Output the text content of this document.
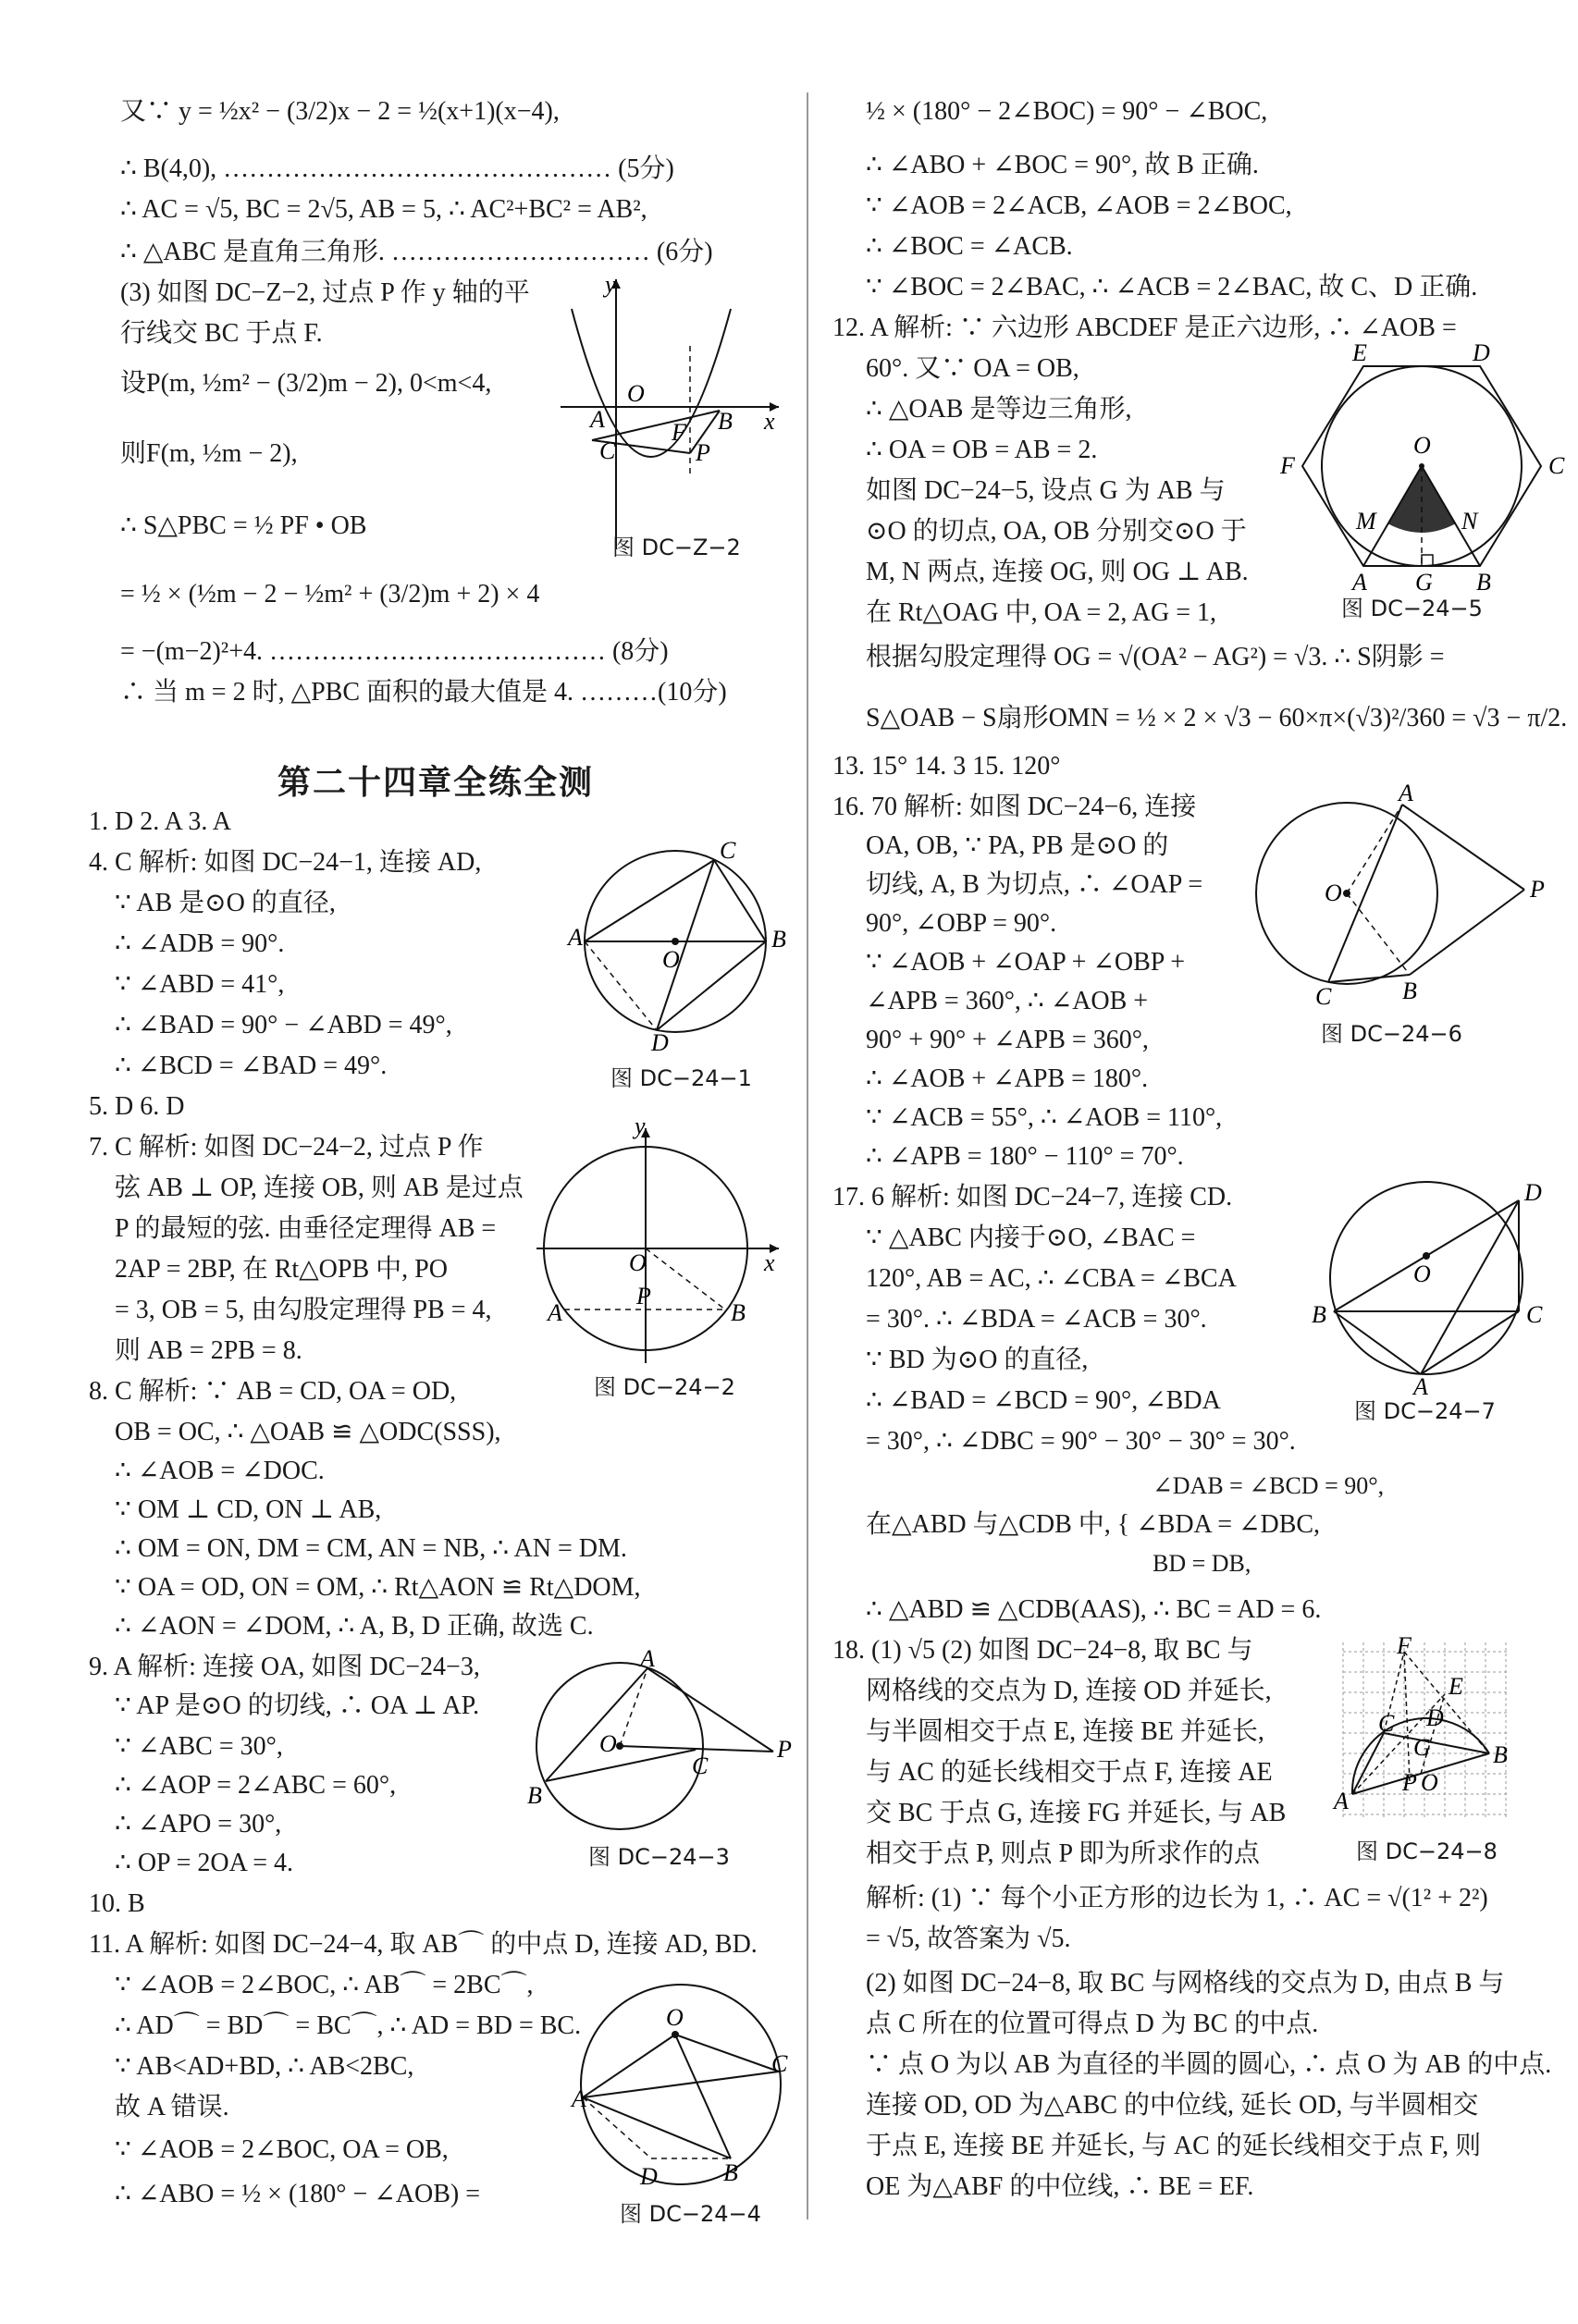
又∵ y = ½x² − (3/2)x − 2 = ½(x+1)(x−4),
∴ B(4,0), ……………………………………… (5分)
∴ AC = √5, BC = 2√5, AB = 5, ∴ AC²+BC² = AB²,
∴ △ABC 是直角三角形. ………………………… (6分)
(3) 如图 DC−Z−2, 过点 P 作 y 轴的平
行线交 BC 于点 F.
设P(m, ½m² − (3/2)m − 2), 0<m<4,
则F(m, ½m − 2),
∴ S△PBC = ½ PF • OB
= ½ × (½m − 2 − ½m² + (3/2)m + 2) × 4
= −(m−2)²+4. ………………………………… (8分)
∴ 当 m = 2 时, △PBC 面积的最大值是 4. ………(10分)
第二十四章全练全测
1. D 2. A 3. A
4. C 解析: 如图 DC−24−1, 连接 AD,
∵ AB 是⊙O 的直径,
∴ ∠ADB = 90°.
∵ ∠ABD = 41°,
∴ ∠BAD = 90° − ∠ABD = 49°,
∴ ∠BCD = ∠BAD = 49°.
5. D 6. D
7. C 解析: 如图 DC−24−2, 过点 P 作
弦 AB ⊥ OP, 连接 OB, 则 AB 是过点
P 的最短的弦. 由垂径定理得 AB =
2AP = 2BP, 在 Rt△OPB 中, PO
= 3, OB = 5, 由勾股定理得 PB = 4,
则 AB = 2PB = 8.
8. C 解析: ∵ AB = CD, OA = OD,
OB = OC, ∴ △OAB ≌ △ODC(SSS),
∴ ∠AOB = ∠DOC.
∵ OM ⊥ CD, ON ⊥ AB,
∴ OM = ON, DM = CM, AN = NB, ∴ AN = DM.
∵ OA = OD, ON = OM, ∴ Rt△AON ≌ Rt△DOM,
∴ ∠AON = ∠DOM, ∴ A, B, D 正确, 故选 C.
9. A 解析: 连接 OA, 如图 DC−24−3,
∵ AP 是⊙O 的切线, ∴ OA ⊥ AP.
∵ ∠ABC = 30°,
∴ ∠AOP = 2∠ABC = 60°,
∴ ∠APO = 30°,
∴ OP = 2OA = 4.
10. B
11. A 解析: 如图 DC−24−4, 取 AB⌒ 的中点 D, 连接 AD, BD.
∵ ∠AOB = 2∠BOC, ∴ AB⌒ = 2BC⌒,
∴ AD⌒ = BD⌒ = BC⌒, ∴ AD = BD = BC.
∵ AB<AD+BD, ∴ AB<2BC,
故 A 错误.
∵ ∠AOB = 2∠BOC, OA = OB,
∴ ∠ABO = ½ × (180° − ∠AOB) =
½ × (180° − 2∠BOC) = 90° − ∠BOC,
∴ ∠ABO + ∠BOC = 90°, 故 B 正确.
∵ ∠AOB = 2∠ACB, ∠AOB = 2∠BOC,
∴ ∠BOC = ∠ACB.
∵ ∠BOC = 2∠BAC, ∴ ∠ACB = 2∠BAC, 故 C、D 正确.
12. A 解析: ∵ 六边形 ABCDEF 是正六边形, ∴ ∠AOB =
60°. 又∵ OA = OB,
∴ △OAB 是等边三角形,
∴ OA = OB = AB = 2.
如图 DC−24−5, 设点 G 为 AB 与
⊙O 的切点, OA, OB 分别交⊙O 于
M, N 两点, 连接 OG, 则 OG ⊥ AB.
在 Rt△OAG 中, OA = 2, AG = 1,
根据勾股定理得 OG = √(OA² − AG²) = √3. ∴ S阴影 =
S△OAB − S扇形OMN = ½ × 2 × √3 − 60×π×(√3)²/360 = √3 − π/2.
13. 15° 14. 3 15. 120°
16. 70 解析: 如图 DC−24−6, 连接
OA, OB, ∵ PA, PB 是⊙O 的
切线, A, B 为切点, ∴ ∠OAP =
90°, ∠OBP = 90°.
∵ ∠AOB + ∠OAP + ∠OBP +
∠APB = 360°, ∴ ∠AOB +
90° + 90° + ∠APB = 360°,
∴ ∠AOB + ∠APB = 180°.
∵ ∠ACB = 55°, ∴ ∠AOB = 110°,
∴ ∠APB = 180° − 110° = 70°.
17. 6 解析: 如图 DC−24−7, 连接 CD.
∵ △ABC 内接于⊙O, ∠BAC =
120°, AB = AC, ∴ ∠CBA = ∠BCA
= 30°. ∴ ∠BDA = ∠ACB = 30°.
∵ BD 为⊙O 的直径,
∴ ∠BAD = ∠BCD = 90°, ∠BDA
= 30°, ∴ ∠DBC = 90° − 30° − 30° = 30°.
∠DAB = ∠BCD = 90°,
在△ABD 与△CDB 中, { ∠BDA = ∠DBC,
BD = DB,
∴ △ABD ≌ △CDB(AAS), ∴ BC = AD = 6.
18. (1) √5 (2) 如图 DC−24−8, 取 BC 与
网格线的交点为 D, 连接 OD 并延长,
与半圆相交于点 E, 连接 BE 并延长,
与 AC 的延长线相交于点 F, 连接 AE
交 BC 于点 G, 连接 FG 并延长, 与 AB
相交于点 P, 则点 P 即为所求作的点
解析: (1) ∵ 每个小正方形的边长为 1, ∴ AC = √(1² + 2²)
= √5, 故答案为 √5.
(2) 如图 DC−24−8, 取 BC 与网格线的交点为 D, 由点 B 与
点 C 所在的位置可得点 D 为 BC 的中点.
∵ 点 O 为以 AB 为直径的半圆的圆心, ∴ 点 O 为 AB 的中点.
连接 OD, OD 为△ABC 的中位线, 延长 OD, 与半圆相交
于点 E, 连接 BE 并延长, 与 AC 的延长线相交于点 F, 则
OE 为△ABF 的中位线, ∴ BE = EF.
y
O
A	B x
C
F
P
图 DC−Z−2
C
A
O
B
D
图 DC−24−1
y
O	x
A
P
B
图 DC−24−2
A
O
C
P
B
图 DC−24−3
O
A
C
D	B
图 DC−24−4
E	D
F
O
C
M	N
A G B
图 DC−24−5
A
O	P
C	B
图 DC−24−6
D
O
B	C
A
图 DC−24−7
F
E
C D
G	B
A
P O
图 DC−24−8
